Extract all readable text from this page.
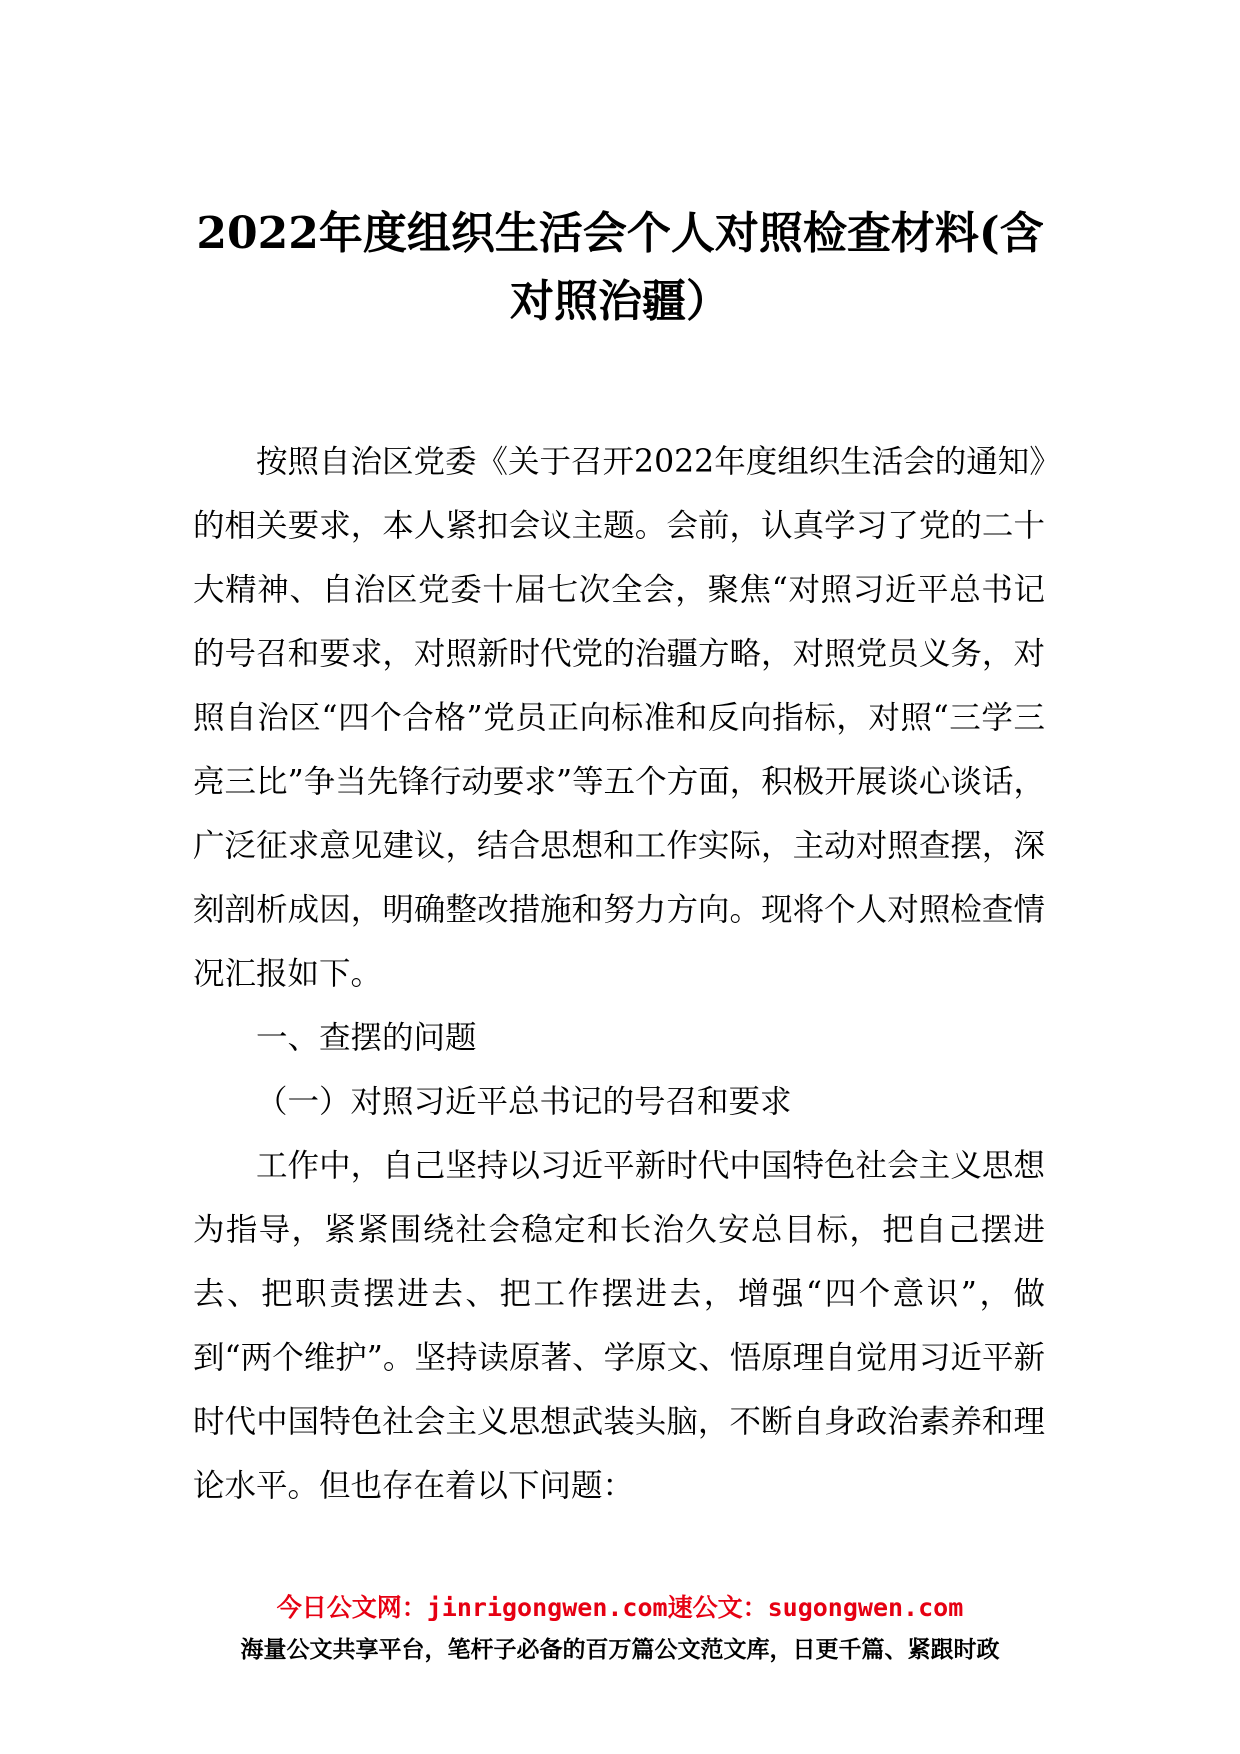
2022年度组织生活会个人对照检查材料(含
对照治疆）

按照自治区党委《关于召开2022年度组织生活会的通知》的相关要求，本人紧扣会议主题。会前，认真学习了党的二十大精神、自治区党委十届七次全会，聚焦“对照习近平总书记的号召和要求，对照新时代党的治疆方略，对照党员义务，对照自治区“四个合格”党员正向标准和反向指标，对照“三学三亮三比”争当先锋行动要求”等五个方面，积极开展谈心谈话，广泛征求意见建议，结合思想和工作实际，主动对照查摆，深刻剖析成因，明确整改措施和努力方向。现将个人对照检查情况汇报如下。

一、查摆的问题

（一）对照习近平总书记的号召和要求

工作中，自己坚持以习近平新时代中国特色社会主义思想为指导，紧紧围绕社会稳定和长治久安总目标，把自己摆进去、把职责摆进去、把工作摆进去，增强“四个意识”，做到“两个维护”。坚持读原著、学原文、悟原理自觉用习近平新时代中国特色社会主义思想武装头脑，不断自身政治素养和理论水平。但也存在着以下问题：

今日公文网：jinrigongwen.com速公文：sugongwen.com
海量公文共享平台，笔杆子必备的百万篇公文范文库，日更千篇、紧跟时政
